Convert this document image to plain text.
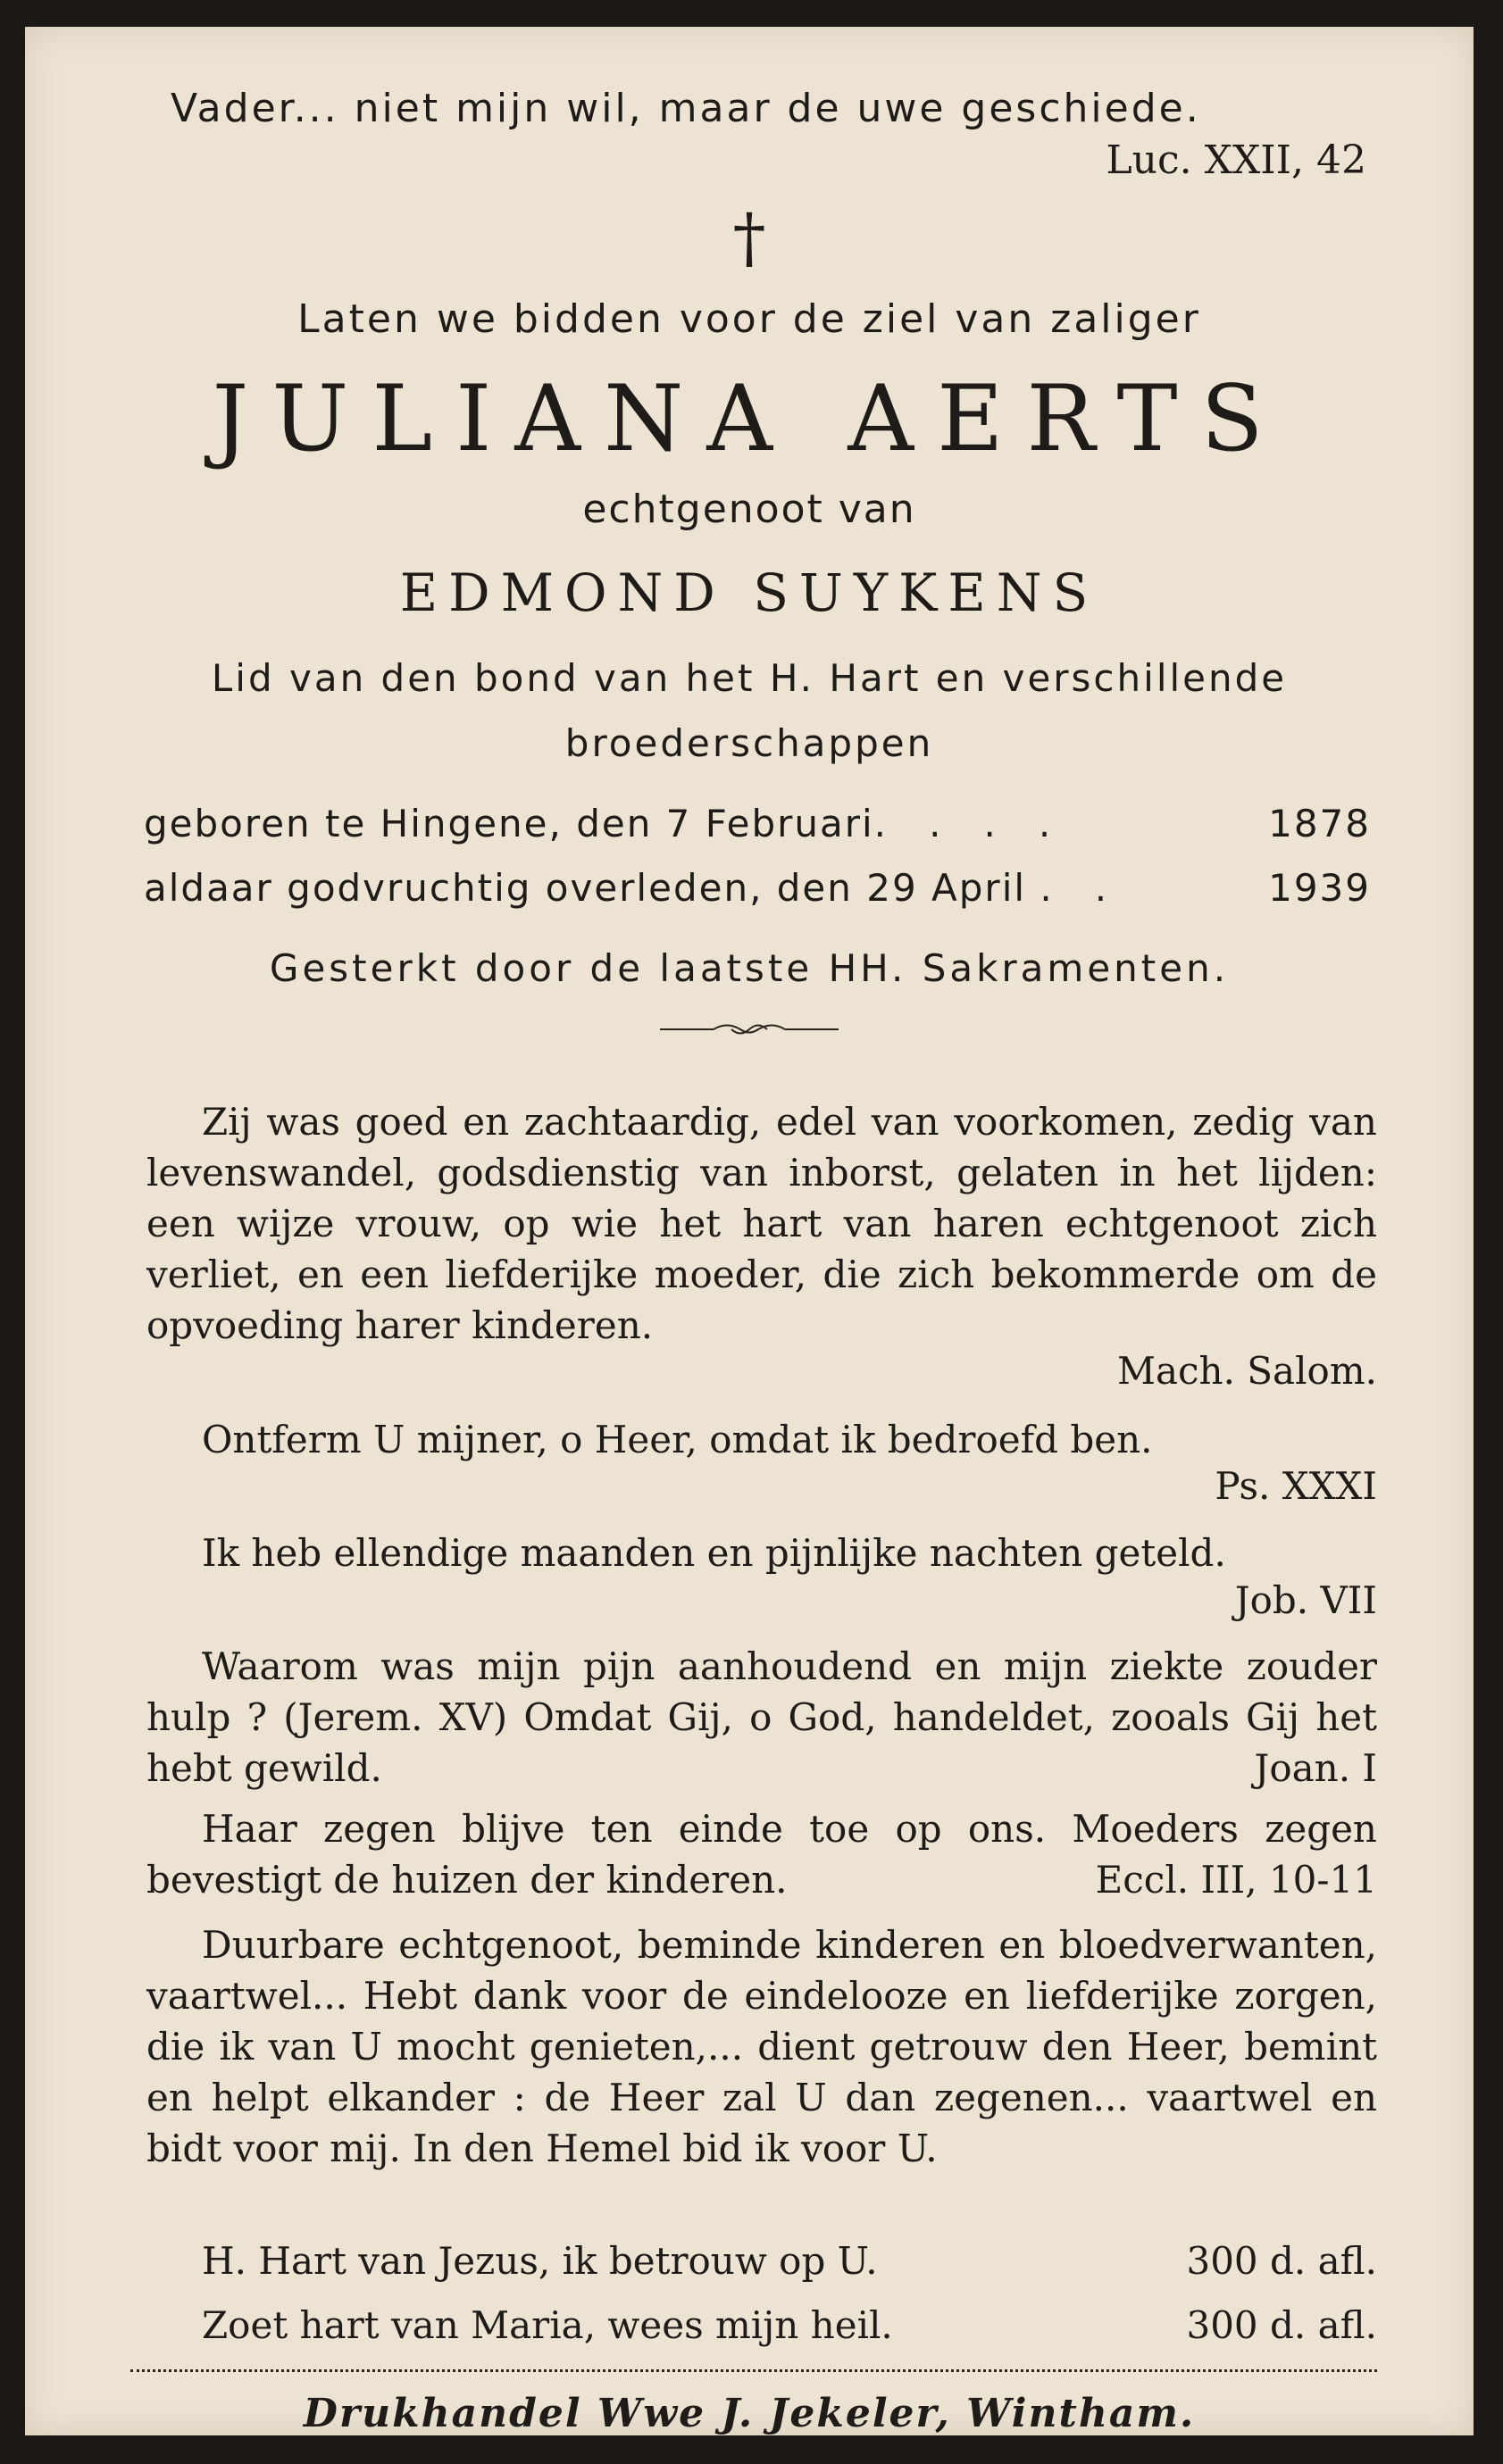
Vader... niet mijn wil, maar de uwe geschiede.
Luc. XXII, 42
†
Laten we bidden voor de ziel van zaliger
JULIANA AERTS
echtgenoot van
EDMOND SUYKENS
Lid van den bond van het H. Hart en verschillende
broederschappen
geboren te Hingene, den 7 Februari.   .   .   .	1878
aldaar godvruchtig overleden, den 29 April .   .	1939
Gesterkt door de laatste HH. Sakramenten.
Zij was goed en zachtaardig, edel van voorkomen, zedig van levenswandel, godsdienstig van inborst, gelaten in het lijden: een wijze vrouw, op wie het hart van haren echtgenoot zich verliet, en een liefderijke moeder, die zich bekommerde om de opvoeding harer kinderen.
Mach. Salom.
Ontferm U mijner, o Heer, omdat ik bedroefd ben.
Ps. XXXI
Ik heb ellendige maanden en pijnlijke nachten geteld.
Job. VII
Waarom was mijn pijn aanhoudend en mijn ziekte zouder hulp ? (Jerem. XV) Omdat Gij, o God, handeldet, zooals Gij het hebt gewild.	Joan. I
Haar zegen blijve ten einde toe op ons. Moeders zegen bevestigt de huizen der kinderen.	Eccl. III, 10-11
Duurbare echtgenoot, beminde kinderen en bloedverwanten, vaartwel... Hebt dank voor de eindelooze en liefderijke zorgen, die ik van U mocht genieten,... dient getrouw den Heer, bemint en helpt elkander : de Heer zal U dan zegenen... vaartwel en bidt voor mij. In den Hemel bid ik voor U.
H. Hart van Jezus, ik betrouw op U.	300 d. afl.
Zoet hart van Maria, wees mijn heil.	300 d. afl.
Drukhandel Wwe J. Jekeler, Wintham.
